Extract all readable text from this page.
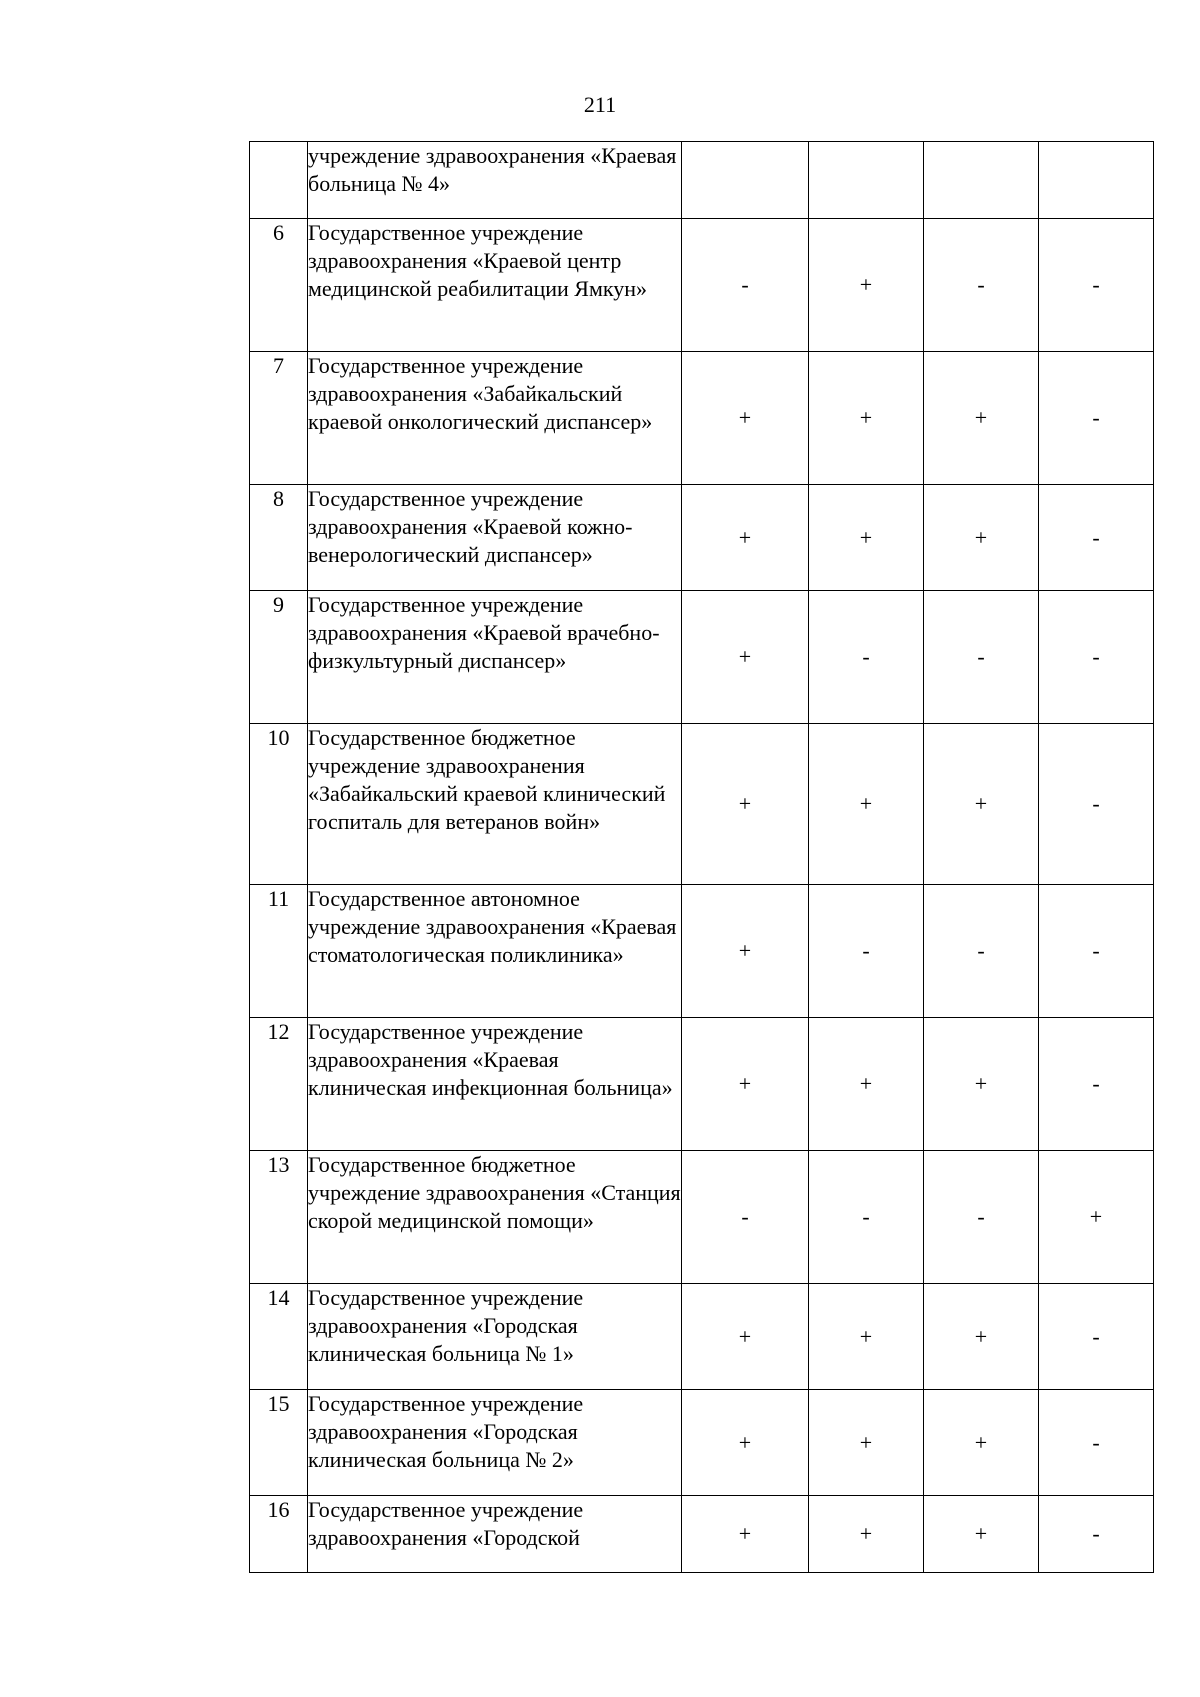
211
	учреждение здравоохранения «Краевая больница № 4»				
6	Государственное учреждение здравоохранения «Краевой центр медицинской реабилитации Ямкун»	-	+	-	-
7	Государственное учреждение здравоохранения «Забайкальский краевой онкологический диспансер»	+	+	+	-
8	Государственное учреждение здравоохранения «Краевой кожно-венерологический диспансер»	+	+	+	-
9	Государственное учреждение здравоохранения «Краевой врачебно-физкультурный диспансер»	+	-	-	-
10	Государственное бюджетное учреждение здравоохранения «Забайкальский краевой клинический госпиталь для ветеранов войн»	+	+	+	-
11	Государственное автономное учреждение здравоохранения «Краевая стоматологическая поликлиника»	+	-	-	-
12	Государственное учреждение здравоохранения «Краевая клиническая инфекционная больница»	+	+	+	-
13	Государственное бюджетное учреждение здравоохранения «Станция скорой медицинской помощи»	-	-	-	+
14	Государственное учреждение здравоохранения «Городская клиническая больница № 1»	+	+	+	-
15	Государственное учреждение здравоохранения «Городская клиническая больница № 2»	+	+	+	-
16	Государственное учреждение здравоохранения «Городской	+	+	+	-
